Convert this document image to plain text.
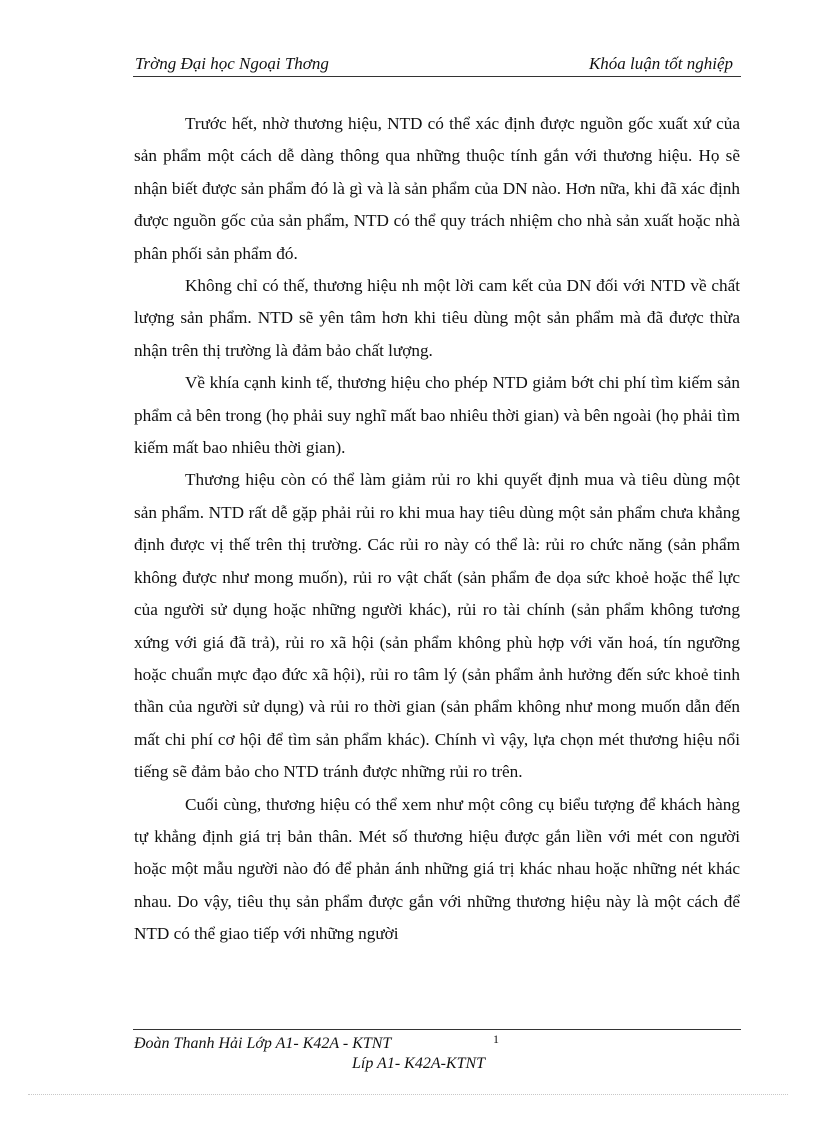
Trờng Đại học Ngoại Thơng	Khóa luận tốt nghiệp

Trước hết, nhờ thương hiệu, NTD có thể xác định được nguồn gốc xuất xứ của sản phẩm một cách dễ dàng thông qua những thuộc tính gắn với thương hiệu. Họ sẽ nhận biết được sản phẩm đó là gì và là sản phẩm của DN nào. Hơn nữa, khi đã xác định được nguồn gốc của sản phẩm, NTD có thể quy trách nhiệm cho nhà sản xuất hoặc nhà phân phối sản phẩm đó.

Không chỉ có thế, thương hiệu nh một lời cam kết của DN đối với NTD về chất lượng sản phẩm. NTD sẽ yên tâm hơn khi tiêu dùng một sản phẩm mà đã được thừa nhận trên thị trường là đảm bảo chất lượng.

Về khía cạnh kinh tế, thương hiệu cho phép NTD giảm bớt chi phí tìm kiếm sản phẩm cả bên trong (họ phải suy nghĩ mất bao nhiêu thời gian) và bên ngoài (họ phải tìm kiếm mất bao nhiêu thời gian).

Thương hiệu còn có thể làm giảm rủi ro khi quyết định mua và tiêu dùng một sản phẩm. NTD rất dễ gặp phải rủi ro khi mua hay tiêu dùng một sản phẩm chưa khẳng định được vị thế trên thị trường. Các rủi ro này có thể là: rủi ro chức năng (sản phẩm không được như mong muốn), rủi ro vật chất (sản phẩm đe dọa sức khoẻ hoặc thể lực của người sử dụng hoặc những người khác), rủi ro tài chính (sản phẩm không tương xứng với giá đã trả), rủi ro xã hội (sản phẩm không phù hợp với văn hoá, tín ngưỡng hoặc chuẩn mực đạo đức xã hội), rủi ro tâm lý (sản phẩm ảnh hưởng đến sức khoẻ tinh thần của người sử dụng) và rủi ro thời gian (sản phẩm không như mong muốn dẫn đến mất chi phí cơ hội để tìm sản phẩm khác). Chính vì vậy, lựa chọn mét thương hiệu nổi tiếng sẽ đảm bảo cho NTD tránh được những rủi ro trên.

Cuối cùng, thương hiệu có thể xem như một công cụ biểu tượng để khách hàng tự khẳng định giá trị bản thân. Mét số thương hiệu được gắn liền với mét con người hoặc một mẫu người nào đó để phản ánh những giá trị khác nhau hoặc những nét khác nhau. Do vậy, tiêu thụ sản phẩm được gắn với những thương hiệu này là một cách để NTD có thể giao tiếp với những người

Đoàn Thanh Hải Lớp A1- K42A - KTNT	1
Líp A1- K42A-KTNT
